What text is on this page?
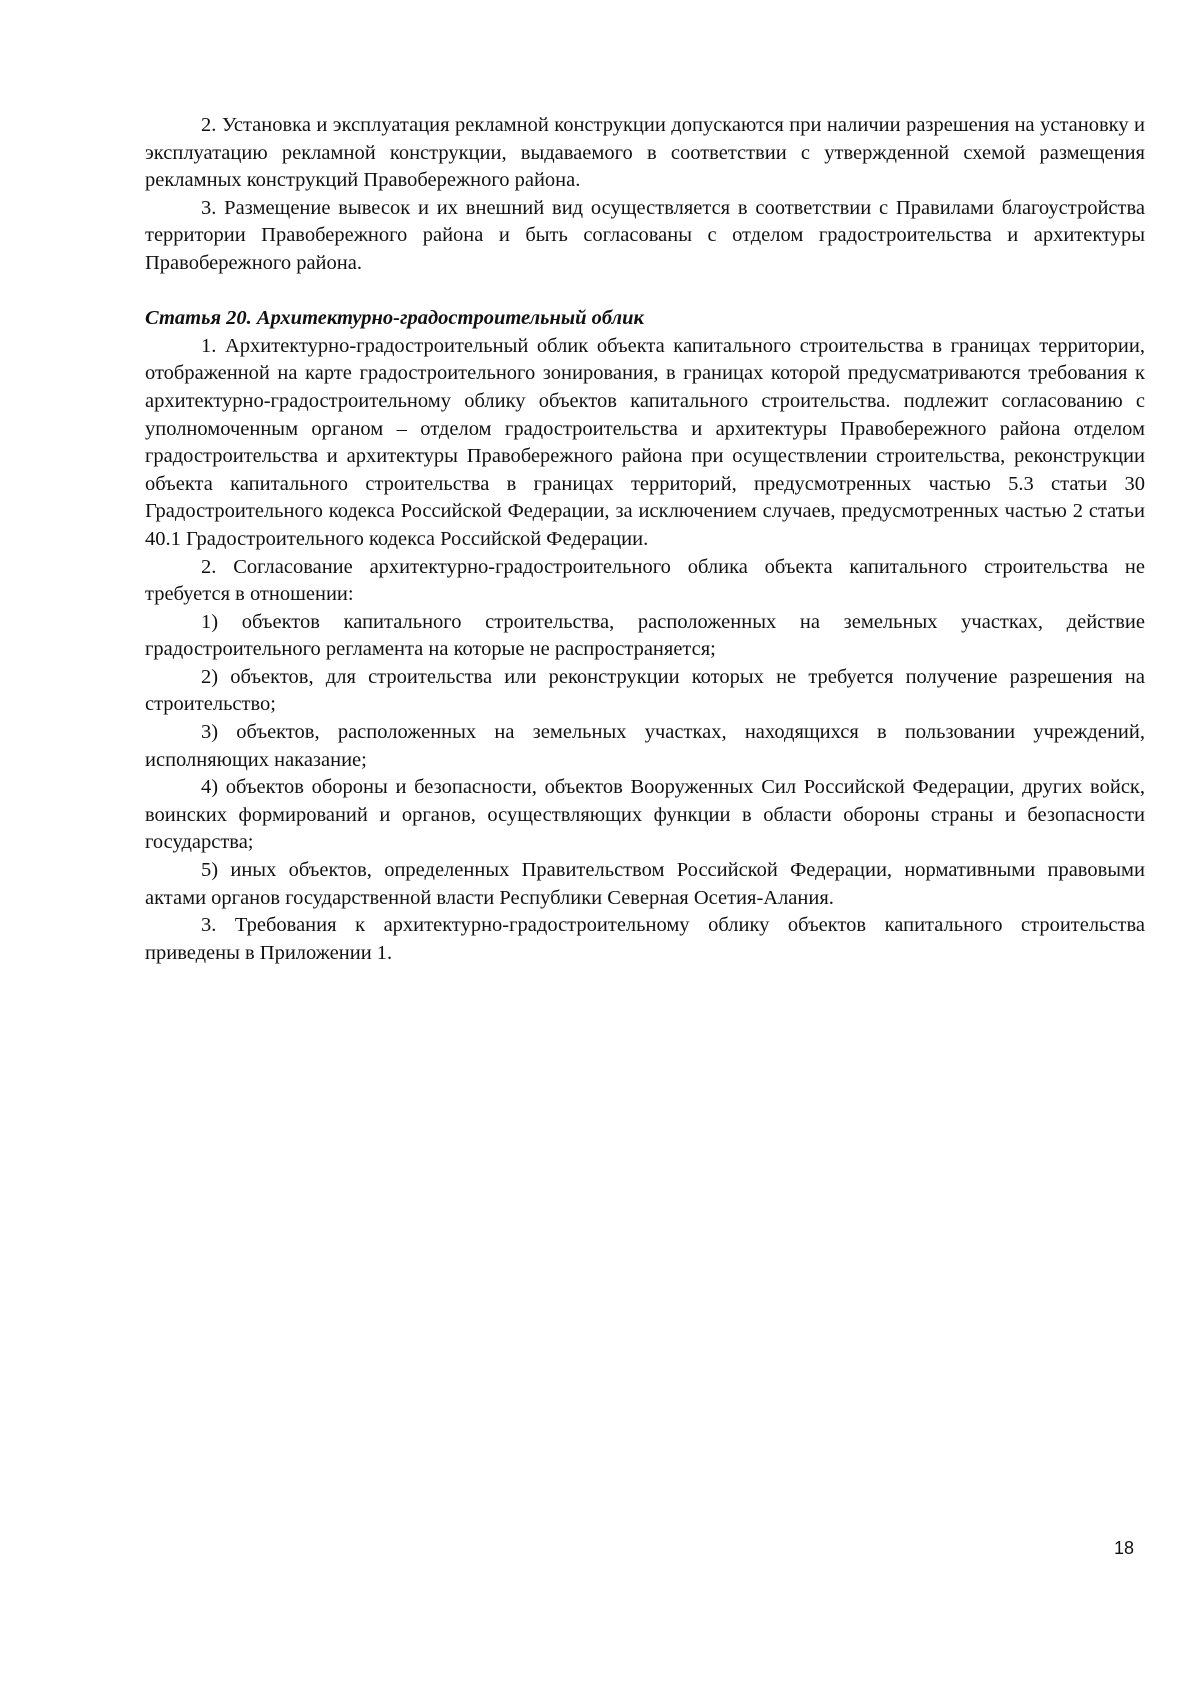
2. Установка и эксплуатация рекламной конструкции допускаются при наличии разрешения на установку и эксплуатацию рекламной конструкции, выдаваемого в соответствии с утвержденной схемой размещения рекламных конструкций Правобережного района.

3. Размещение вывесок и их внешний вид осуществляется в соответствии с Правилами благоустройства территории Правобережного района и быть согласованы с отделом градостроительства и архитектуры Правобережного района.

Статья 20. Архитектурно-градостроительный облик

1. Архитектурно-градостроительный облик объекта капитального строительства в границах территории, отображенной на карте градостроительного зонирования, в границах которой предусматриваются требования к архитектурно-градостроительному облику объектов капитального строительства. подлежит согласованию с уполномоченным органом – отделом градостроительства и архитектуры Правобережного района отделом градостроительства и архитектуры Правобережного района при осуществлении строительства, реконструкции объекта капитального строительства в границах территорий, предусмотренных частью 5.3 статьи 30 Градостроительного кодекса Российской Федерации, за исключением случаев, предусмотренных частью 2 статьи 40.1 Градостроительного кодекса Российской Федерации.

2. Согласование архитектурно-градостроительного облика объекта капитального строительства не требуется в отношении:

1) объектов капитального строительства, расположенных на земельных участках, действие градостроительного регламента на которые не распространяется;

2) объектов, для строительства или реконструкции которых не требуется получение разрешения на строительство;

3) объектов, расположенных на земельных участках, находящихся в пользовании учреждений, исполняющих наказание;

4) объектов обороны и безопасности, объектов Вооруженных Сил Российской Федерации, других войск, воинских формирований и органов, осуществляющих функции в области обороны страны и безопасности государства;

5) иных объектов, определенных Правительством Российской Федерации, нормативными правовыми актами органов государственной власти Республики Северная Осетия-Алания.

3. Требования к архитектурно-градостроительному облику объектов капитального строительства приведены в Приложении 1.

18
